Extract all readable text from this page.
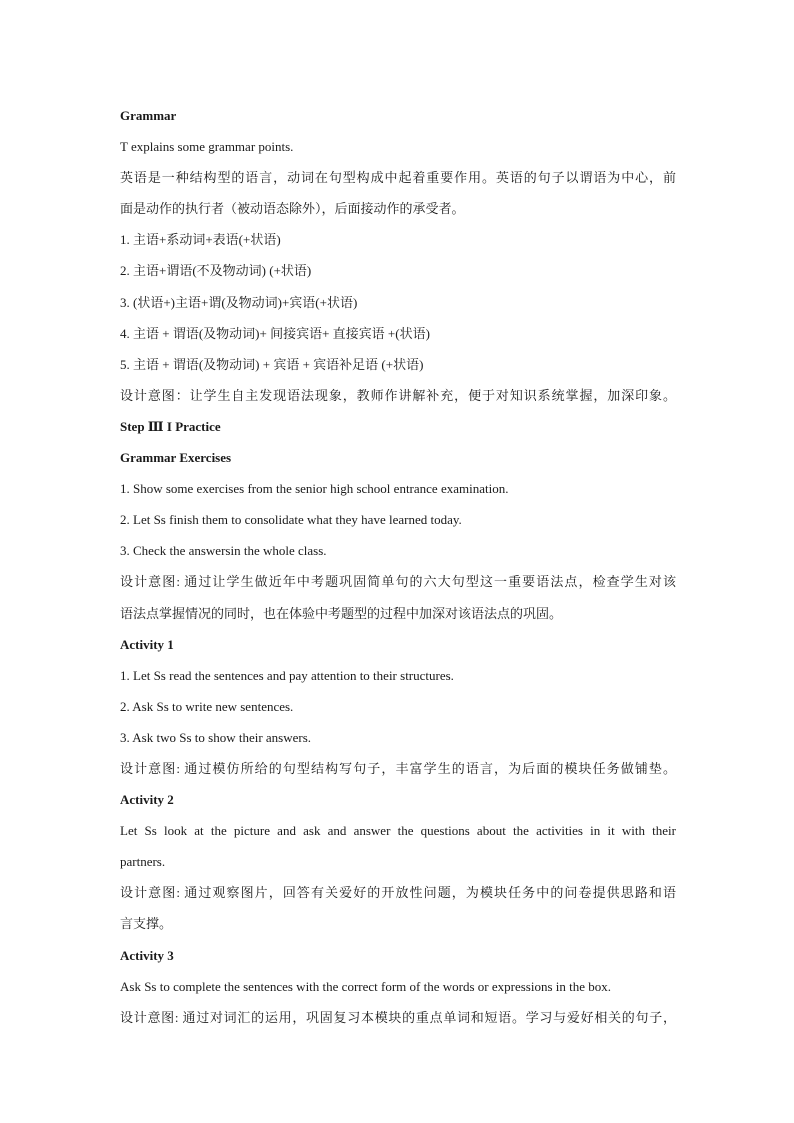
Grammar
T explains some grammar points.
英语是一种结构型的语言，动词在句型构成中起着重要作用。英语的句子以谓语为中心，前
面是动作的执行者（被动语态除外），后面接动作的承受者。
1. 主语+系动词+表语(+状语)
2. 主语+谓语(不及物动词) (+状语)
3. (状语+)主语+谓(及物动词)+宾语(+状语)
4. 主语 + 谓语(及物动词)+ 间接宾语+ 直接宾语 +(状语)
5. 主语 + 谓语(及物动词) + 宾语 + 宾语补足语 (+状语)
设计意图：让学生自主发现语法现象，教师作讲解补充，便于对知识系统掌握，加深印象。
Step Ⅲ I Practice
Grammar Exercises
1. Show some exercises from the senior high school entrance examination.
2. Let Ss finish them to consolidate what they have learned today.
3. Check the answersin the whole class.
设计意图: 通过让学生做近年中考题巩固简单句的六大句型这一重要语法点，检查学生对该
语法点掌握情况的同时，也在体验中考题型的过程中加深对该语法点的巩固。
Activity 1
1. Let Ss read the sentences and pay attention to their structures.
2. Ask Ss to write new sentences.
3. Ask two Ss to show their answers.
设计意图: 通过模仿所给的句型结构写句子，丰富学生的语言，为后面的模块任务做铺垫。
Activity 2
Let Ss look at the picture and ask and answer the questions about the activities in it with their
partners.
设计意图: 通过观察图片，回答有关爱好的开放性问题，为模块任务中的问卷提供思路和语
言支撑。
Activity 3
Ask Ss to complete the sentences with the correct form of the words or expressions in the box.
设计意图: 通过对词汇的运用，巩固复习本模块的重点单词和短语。学习与爱好相关的句子，
